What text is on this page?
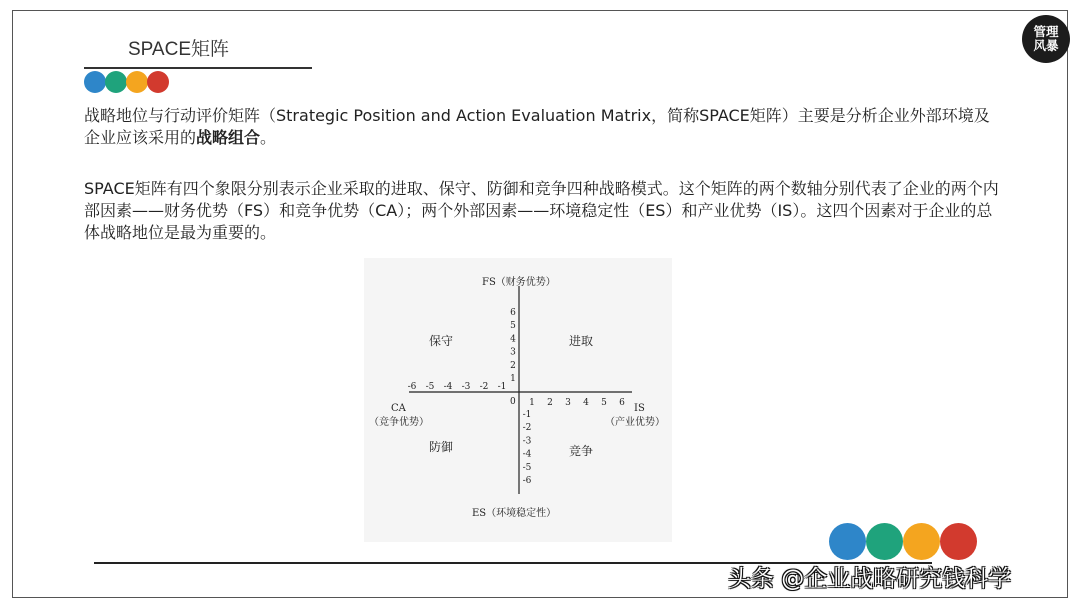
SPACE矩阵
管理
风暴
战略地位与行动评价矩阵（Strategic Position and Action Evaluation Matrix，简称SPACE矩阵）主要是分析企业外部环境及企业应该采用的战略组合。
SPACE矩阵有四个象限分别表示企业采取的进取、保守、防御和竞争四种战略模式。这个矩阵的两个数轴分别代表了企业的两个内部因素——财务优势（FS）和竞争优势（CA）；两个外部因素——环境稳定性（ES）和产业优势（IS）。这四个因素对于企业的总体战略地位是最为重要的。
FS（财务优势）
ES（环境稳定性）
CA
（竞争优势）
IS
（产业优势）
保守	进取
防御	竞争
0
-6 -5 -4 -3 -2 -1
1 2 3 4 5 6
1
2
3
4
5
6
-1
-2
-3
-4
-5
-6
头条 @企业战略研究钱科学
